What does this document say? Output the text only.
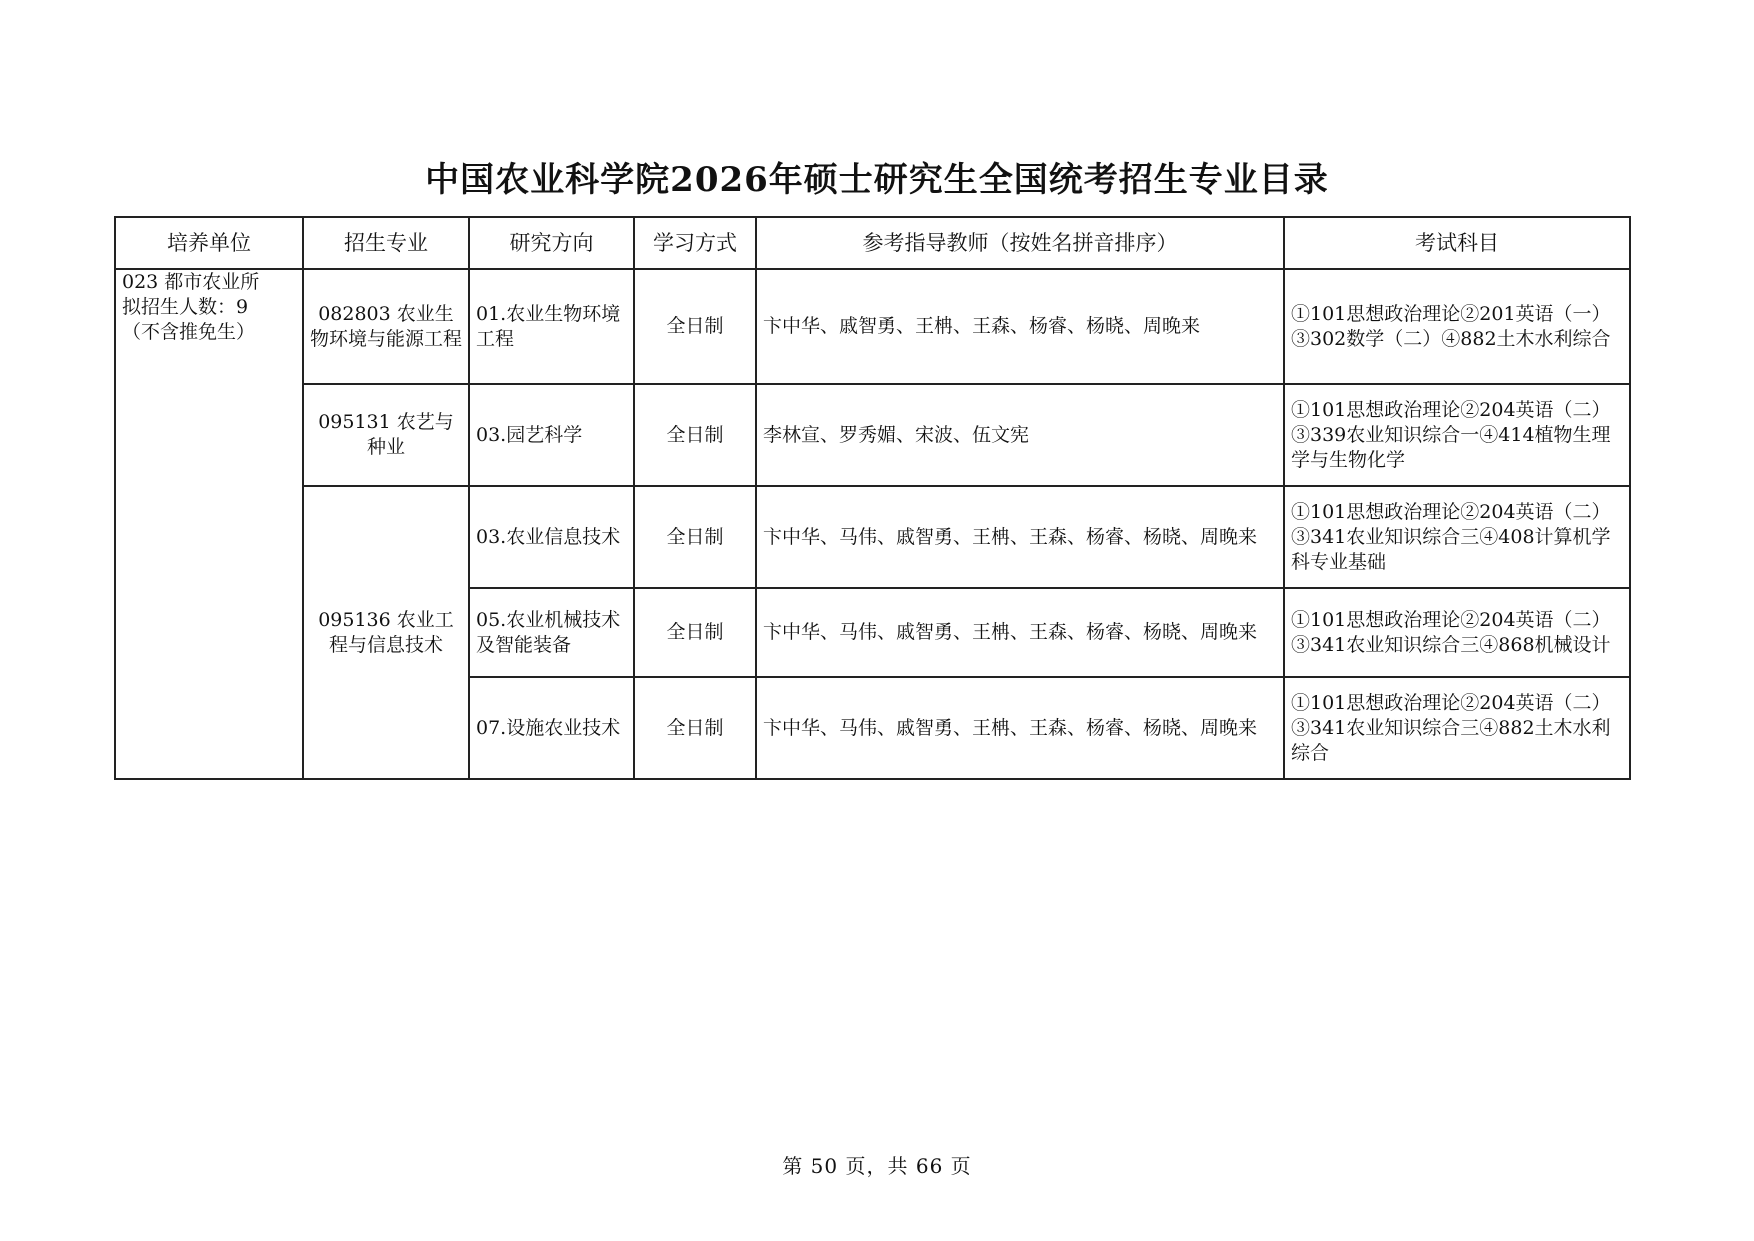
中国农业科学院2026年硕士研究生全国统考招生专业目录
培养单位	招生专业	研究方向	学习方式	参考指导教师（按姓名拼音排序）	考试科目

023 都市农业所
拟招生人数：9
（不含推免生）	082803 农业生物环境与能源工程	01.农业生物环境工程	全日制	卞中华、戚智勇、王柟、王森、杨睿、杨晓、周晚来	①101思想政治理论②201英语（一）③302数学（二）④882土木水利综合
	095131 农艺与种业	03.园艺科学	全日制	李林宣、罗秀媚、宋波、伍文宪	①101思想政治理论②204英语（二）③339农业知识综合一④414植物生理学与生物化学
	095136 农业工程与信息技术	03.农业信息技术	全日制	卞中华、马伟、戚智勇、王柟、王森、杨睿、杨晓、周晚来	①101思想政治理论②204英语（二）③341农业知识综合三④408计算机学科专业基础
		05.农业机械技术及智能装备	全日制	卞中华、马伟、戚智勇、王柟、王森、杨睿、杨晓、周晚来	①101思想政治理论②204英语（二）③341农业知识综合三④868机械设计
		07.设施农业技术	全日制	卞中华、马伟、戚智勇、王柟、王森、杨睿、杨晓、周晚来	①101思想政治理论②204英语（二）③341农业知识综合三④882土木水利综合
第 50 页，共 66 页
